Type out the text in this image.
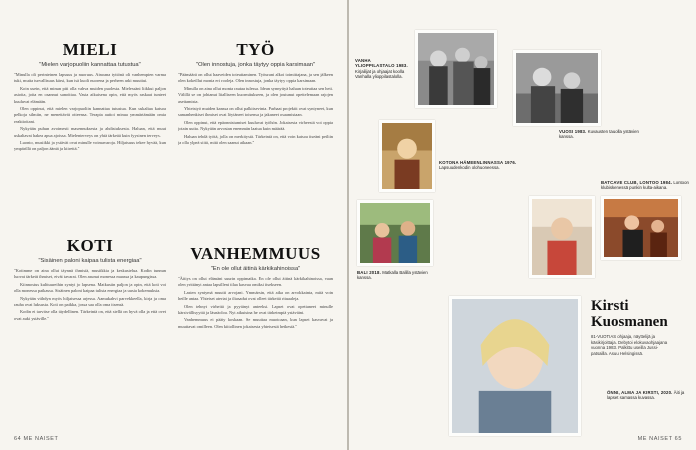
MIELI
"Mielen varjopuoliin kannattaa tutustua"

"Minulla oli perinteinen lapsuus ja nuoruus. Ainoana tyttönä oli vanhempien varma tuki, mutta turvallisuus kärsi, kun isä kuoli nuorena ja perheen arki muuttui.

Koin usein, että minun piti olla vahva muiden puolesta. Mielessäni liikkui paljon asioita, joita en osannut sanoittaa. Vasta aikuisena opin, että myös raskaat tunteet kuuluvat elämään.

Olen oppinut, että mielen varjopuoliin kannattaa tutustua. Kun uskaltaa katsoa pelkoja silmiin, ne menettävät otteensa. Terapia auttoi minua ymmärtämään omia reaktioitani.

Nykyään puhun avoimesti masennuksesta ja ahdistuksesta. Haluan, että muut uskaltavat hakea apua ajoissa. Mielenterveys on yhtä tärkeää kuin fyysinen terveys.

Luonto, musiikki ja ystävät ovat minulle voimavaroja. Hiljaisuus tekee hyvää, kun ympärillä on paljon ääntä ja kiirettä."

KOTI
"Sisäinen paloni kaipaa tulista energiaa"

"Kotimme on aina ollut täynnä ihmisiä, musiikkia ja keskustelua. Kodin tunnun luovat tärkeät ihmiset, eivät tavarat. Olen asunut monessa maassa ja kaupungissa.

Kiinnostus kulttuureihin syntyi jo lapsena. Matkustin paljon ja opin, että koti voi olla monessa paikassa. Sisäinen paloni kaipaa tulista energiaa ja uusia kokemuksia.

Nykyään viihdyn myös hiljaisessa arjessa. Aamukahvi parvekkeella, kirja ja oma rauha ovat luksusta. Koti on paikka, jossa saa olla oma itsensä.

Kodin ei tarvitse olla täydellinen. Tärkeintä on, että siellä on hyvä olla ja että ovet ovat auki ystäville."

TYÖ
"Olen innostuja, jonka täytyy oppia karsimaan"

"Päämäärä on ollut haaveiden toteuttaminen. Työurani alkoi toimittajana, ja sen jälkeen olen kokeillut monia eri rooleja. Olen innostuja, jonka täytyy oppia karsimaan.

Minulla on aina ollut monta rautaa tulessa. Idean synnyttyä haluan toteuttaa sen heti. Välillä se on johtanut liialliseen kuormitukseen, ja olen joutunut opettelemaan rajojen asettamista.

Yhteistyö muiden kanssa on ollut palkitsevinta. Parhaat projektit ovat syntyneet, kun samanhenkiset ihmiset ovat löytäneet toisensa ja jakaneet osaamistaan.

Olen oppinut, että epäonnistumiset kuuluvat työhön. Jokaisesta virheestä voi oppia jotain uutta. Nykyään arvostan enemmän laatua kuin määrää.

Haluan tehdä työtä, jolla on merkitystä. Tärkeintä on, että voin katsoa itseäni peiliin ja olla ylpeä siitä, mitä olen saanut aikaan."

VANHEMMUUS
"En ole ollut äitinä kärkikahinoissa"

"Äitiys on ollut elämäni suurin oppimatka. En ole ollut äitinä kärkikahinoissa, vaan olen yrittänyt antaa lapsilleni tilaa kasvaa omiksi itsekseen.

Lasten syntymä muutti arvojani. Ymmärsin, että aika on arvokkainta, mitä voin heille antaa. Yhteiset ateriat ja iltasadut ovat olleet tärkeitä rituaaleja.

Olen tehnyt virheitä ja pyytänyt anteeksi. Lapset ovat opettaneet minulle kärsivällisyyttä ja läsnäoloa. Nyt aikuisina he ovat tärkeimpiä ystäviäni.

Vanhemmuus ei pääty koskaan. Se muuttaa muotoaan, kun lapset kasvavat ja muuttavat omilleen. Olen kiitollinen jokaisesta yhteisestä hetkestä."

64 ME NAISET
VANHA YLIOPPILASTALO 1983. Kirjailijat ja ohjaajat koolla Vanhalla ylioppilastalolla.
VUOSI 1983. Kuvausten tauolla ystävien kanssa.
KOTONA HÄMEENLINNASSA 1976. Lapsuudenkodin olohuoneessa.
BATCAVE CLUB, LONTOO 1984. Lontoon klubiskenessä punkin kulta-aikana.
BALI 2018. Matkalla Balilla ystävien kanssa.
ÖNNI, ALMA JA KIRSTI, 2020. Äiti ja lapset samassa kuvassa.
Kirsti Kuosmanen
81-VUOTIAS ohjaaja, näyttelijä ja käsikirjoittaja. Debytoi elokuvaohjaajana vuonna 1983. Palkittu useilla Jussi-patsailla. Asuu Helsingissä.
ME NAISET 65
